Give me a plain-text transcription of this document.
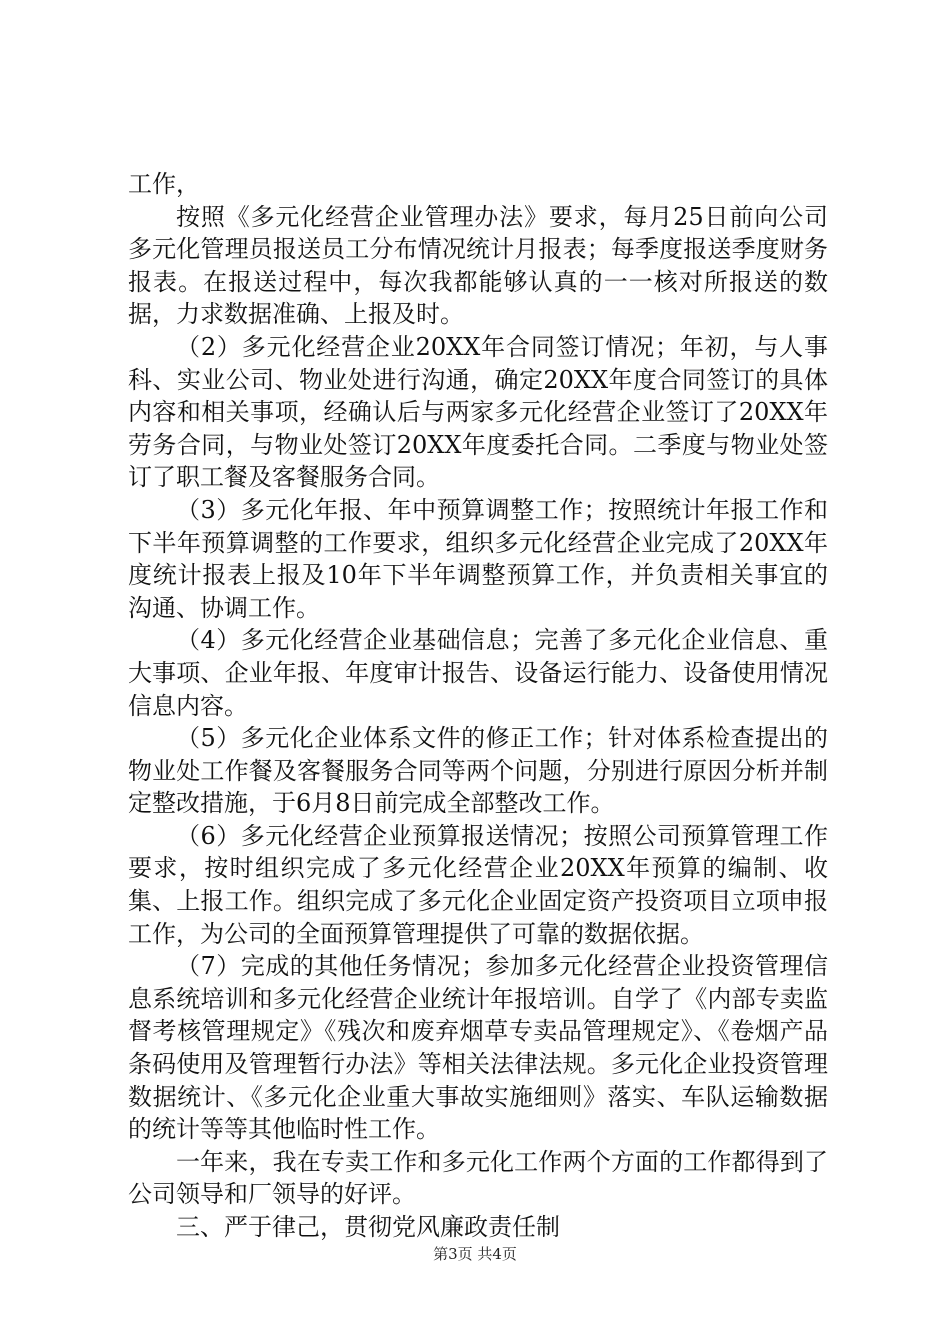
工作，

按照《多元化经营企业管理办法》要求，每月25日前向公司多元化管理员报送员工分布情况统计月报表；每季度报送季度财务报表。在报送过程中，每次我都能够认真的一一核对所报送的数据，力求数据准确、上报及时。

（2）多元化经营企业20XX年合同签订情况；年初，与人事科、实业公司、物业处进行沟通，确定20XX年度合同签订的具体内容和相关事项，经确认后与两家多元化经营企业签订了20XX年劳务合同，与物业处签订20XX年度委托合同。二季度与物业处签订了职工餐及客餐服务合同。

（3）多元化年报、年中预算调整工作；按照统计年报工作和下半年预算调整的工作要求，组织多元化经营企业完成了20XX年度统计报表上报及10年下半年调整预算工作，并负责相关事宜的沟通、协调工作。

（4）多元化经营企业基础信息；完善了多元化企业信息、重大事项、企业年报、年度审计报告、设备运行能力、设备使用情况信息内容。

（5）多元化企业体系文件的修正工作；针对体系检查提出的物业处工作餐及客餐服务合同等两个问题，分别进行原因分析并制定整改措施，于6月8日前完成全部整改工作。

（6）多元化经营企业预算报送情况；按照公司预算管理工作要求，按时组织完成了多元化经营企业20XX年预算的编制、收集、上报工作。组织完成了多元化企业固定资产投资项目立项申报工作，为公司的全面预算管理提供了可靠的数据依据。

（7）完成的其他任务情况；参加多元化经营企业投资管理信息系统培训和多元化经营企业统计年报培训。自学了《内部专卖监督考核管理规定》《残次和废弃烟草专卖品管理规定》、《卷烟产品条码使用及管理暂行办法》等相关法律法规。多元化企业投资管理数据统计、《多元化企业重大事故实施细则》落实、车队运输数据的统计等等其他临时性工作。

一年来，我在专卖工作和多元化工作两个方面的工作都得到了公司领导和厂领导的好评。

三、严于律己，贯彻党风廉政责任制

第3页 共4页
